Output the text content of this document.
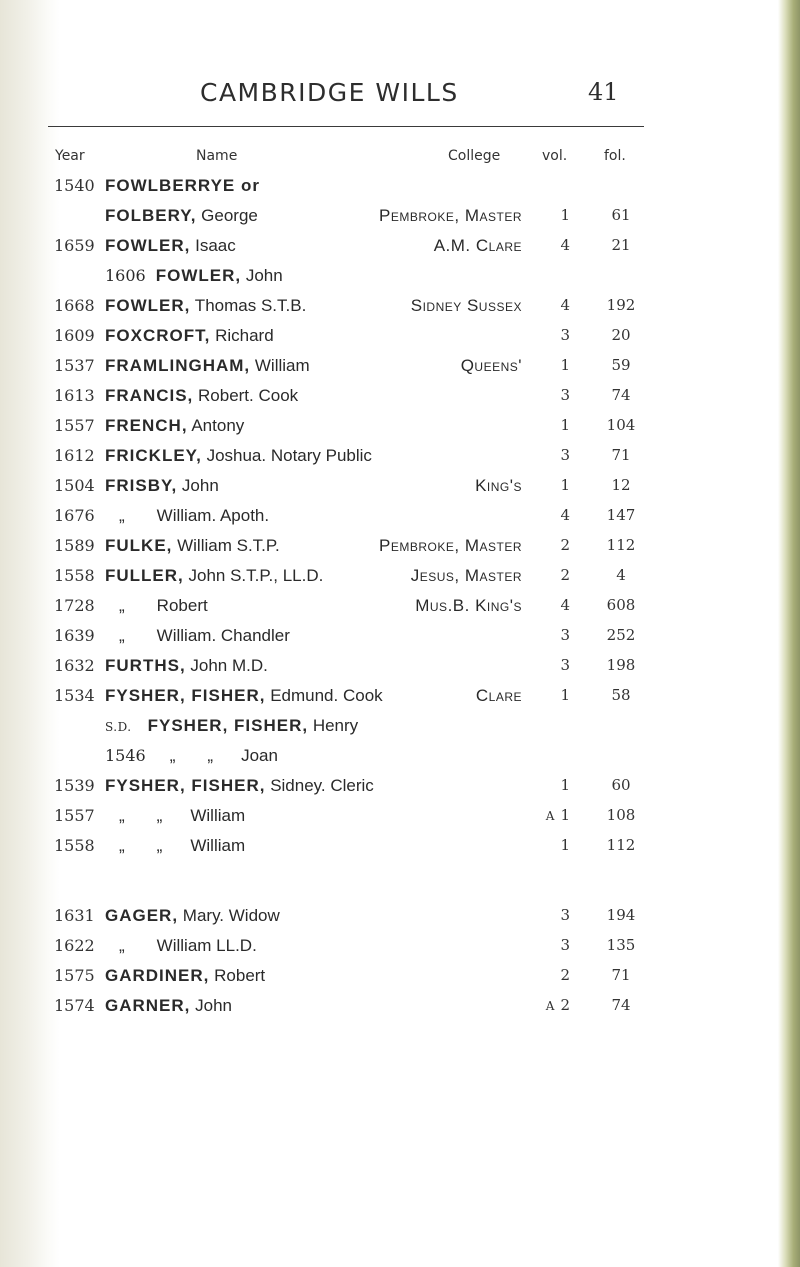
CAMBRIDGE WILLS	41
Year	Name	College	vol.	fol.
1540 FOWLBERRYE or
FOLBERY, George	Pembroke, Master	1	61
1659 FOWLER, Isaac	A.M. Clare	4	21
1606 FOWLER, John
1668 FOWLER, Thomas S.T.B.	Sidney Sussex	4	192
1609 FOXCROFT, Richard	3	20
1537 FRAMLINGHAM, William	Queens'	1	59
1613 FRANCIS, Robert. Cook	3	74
1557 FRENCH, Antony	1	104
1612 FRICKLEY, Joshua. Notary Public	3	71
1504 FRISBY, John	King's	1	12
1676	„ William. Apoth.	4	147
1589 FULKE, William S.T.P.	Pembroke, Master	2	112
1558 FULLER, John S.T.P., LL.D.	Jesus, Master	2	4
1728	„ Robert	Mus.B. King's	4	608
1639	„ William. Chandler	3	252
1632 FURTHS, John M.D.	3	198
1534 FYSHER, FISHER, Edmund. Cook	Clare	1	58
S.D. FYSHER, FISHER, Henry
1546 „ „ Joan
1539 FYSHER, FISHER, Sidney. Cleric	1	60
1557	„ „ William	A 1	108
1558	„ „ William	1	112
1631 GAGER, Mary. Widow	3	194
1622	„ William LL.D.	3	135
1575 GARDINER, Robert	2	71
1574 GARNER, John	A 2	74
